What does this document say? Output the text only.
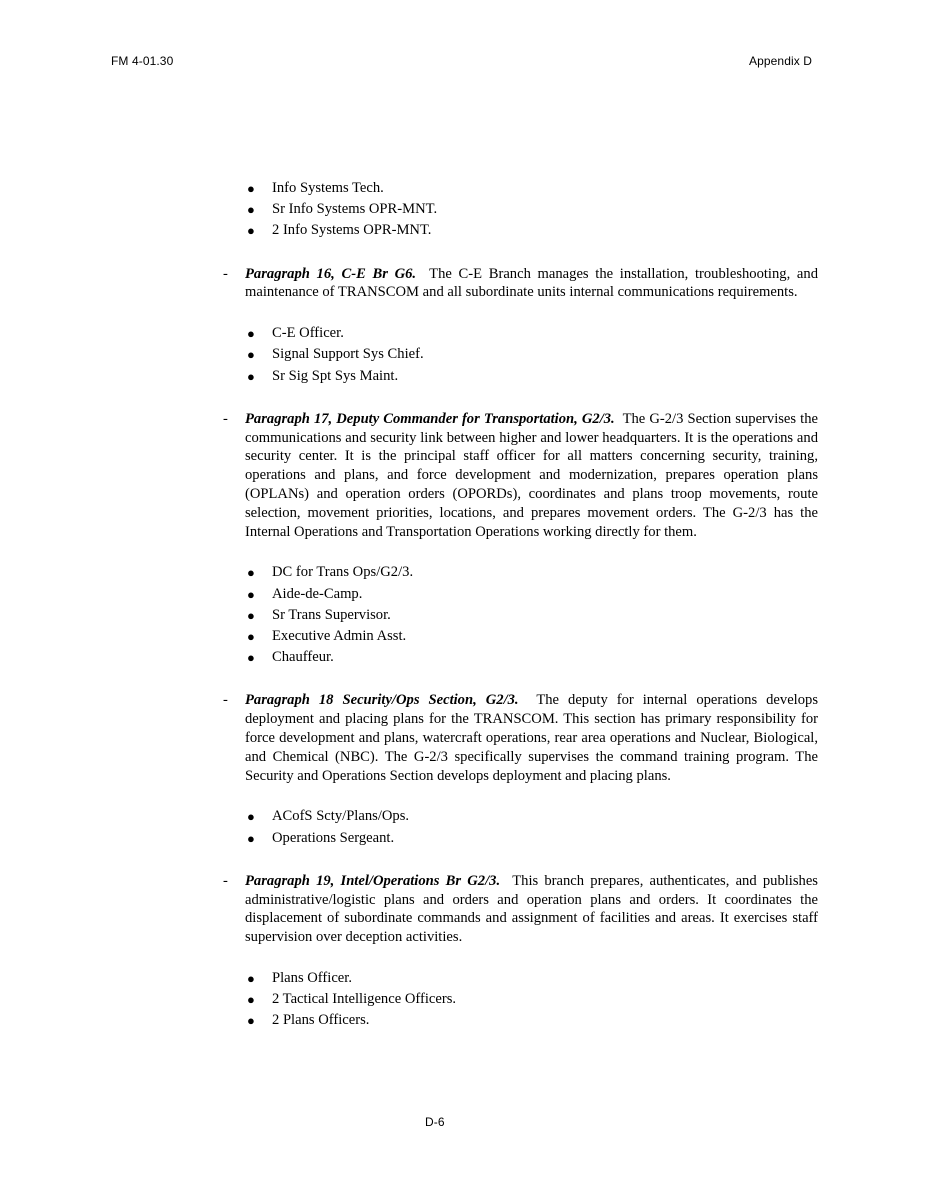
FM 4-01.30	Appendix D
● Info Systems Tech.
● Sr Info Systems OPR-MNT.
● 2 Info Systems OPR-MNT.
- Paragraph 16, C-E Br G6. The C-E Branch manages the installation, troubleshooting, and maintenance of TRANSCOM and all subordinate units internal communications requirements.
● C-E Officer.
● Signal Support Sys Chief.
● Sr Sig Spt Sys Maint.
- Paragraph 17, Deputy Commander for Transportation, G2/3. The G-2/3 Section supervises the communications and security link between higher and lower headquarters. It is the operations and security center. It is the principal staff officer for all matters concerning security, training, operations and plans, and force development and modernization, prepares operation plans (OPLANs) and operation orders (OPORDs), coordinates and plans troop movements, route selection, movement priorities, locations, and prepares movement orders. The G-2/3 has the Internal Operations and Transportation Operations working directly for them.
● DC for Trans Ops/G2/3.
● Aide-de-Camp.
● Sr Trans Supervisor.
● Executive Admin Asst.
● Chauffeur.
- Paragraph 18 Security/Ops Section, G2/3. The deputy for internal operations develops deployment and placing plans for the TRANSCOM. This section has primary responsibility for force development and plans, watercraft operations, rear area operations and Nuclear, Biological, and Chemical (NBC). The G-2/3 specifically supervises the command training program. The Security and Operations Section develops deployment and placing plans.
● ACofS Scty/Plans/Ops.
● Operations Sergeant.
- Paragraph 19, Intel/Operations Br G2/3. This branch prepares, authenticates, and publishes administrative/logistic plans and orders and operation plans and orders. It coordinates the displacement of subordinate commands and assignment of facilities and areas. It exercises staff supervision over deception activities.
● Plans Officer.
● 2 Tactical Intelligence Officers.
● 2 Plans Officers.
D-6
